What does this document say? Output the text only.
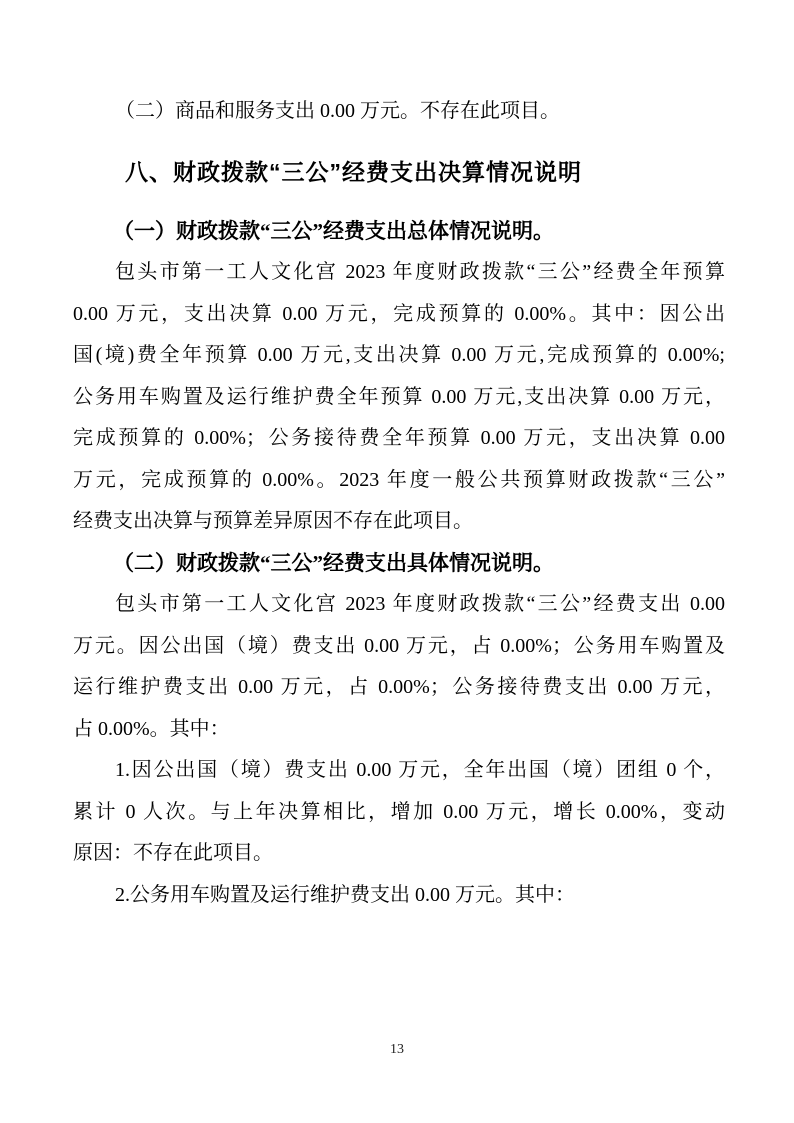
（二）商品和服务支出 0.00 万元。不存在此项目。
八、财政拨款“三公”经费支出决算情况说明
（一）财政拨款“三公”经费支出总体情况说明。
包头市第一工人文化宫 2023 年度财政拨款“三公”经费全年预算
0.00 万元，支出决算 0.00 万元，完成预算的 0.00%。其中：因公出
国(境)费全年预算 0.00 万元,支出决算 0.00 万元,完成预算的 0.00%;
公务用车购置及运行维护费全年预算 0.00 万元,支出决算 0.00 万元，
完成预算的 0.00%；公务接待费全年预算 0.00 万元，支出决算 0.00
万元，完成预算的 0.00%。2023 年度一般公共预算财政拨款“三公”
经费支出决算与预算差异原因不存在此项目。
（二）财政拨款“三公”经费支出具体情况说明。
包头市第一工人文化宫 2023 年度财政拨款“三公”经费支出 0.00
万元。因公出国（境）费支出 0.00 万元，占 0.00%；公务用车购置及
运行维护费支出 0.00 万元，占 0.00%；公务接待费支出 0.00 万元，
占 0.00%。其中：
1.因公出国（境）费支出 0.00 万元，全年出国（境）团组 0 个，
累计 0 人次。与上年决算相比，增加 0.00 万元，增长 0.00%，变动
原因：不存在此项目。
2.公务用车购置及运行维护费支出 0.00 万元。其中：
13
